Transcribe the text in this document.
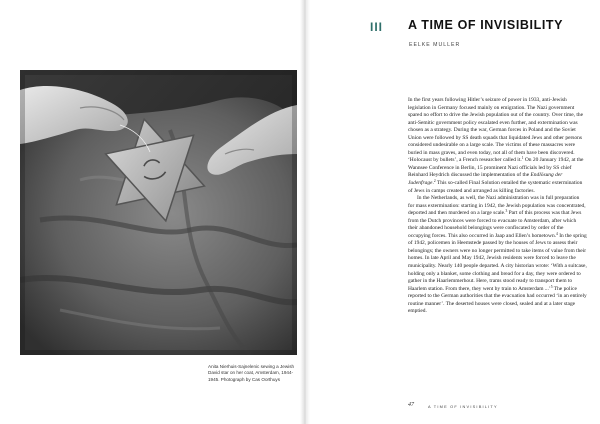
Anita Nierhuis-Sajnelenic sewing a Jewish David star on her coat, Amsterdam, 1944-1945. Photograph by Cas Oorthuys
III A TIME OF INVISIBILITY
EELKE MULLER

In the first years following Hitler’s seizure of power in 1933, anti-Jewish legislation in Germany focused mainly on emigration. The Nazi government spared no effort to drive the Jewish population out of the country. Over time, the anti-Semitic government policy escalated even further, and extermination was chosen as a strategy. During the war, German forces in Poland and the Soviet Union were followed by SS death squads that liquidated Jews and other persons considered undesirable on a large scale. The victims of these massacres were buried in mass graves, and even today, not all of them have been discovered. ‘Holocaust by bullets’, a French researcher called it.$^1$ On 20 January 1942, at the Wannsee Conference in Berlin, 15 prominent Nazi officials led by SS chief Reinhard Heydrich discussed the implementation of the Endlösung der Judenfrage.$^2$ This so-called Final Solution entailed the systematic extermination of Jews in camps created and arranged as killing factories.

In the Netherlands, as well, the Nazi administration was in full preparation for mass extermination: starting in 1942, the Jewish population was concentrated, deported and then murdered on a large scale.$^3$ Part of this process was that Jews from the Dutch provinces were forced to evacuate to Amsterdam, after which their abandoned household belongings were confiscated by order of the occupying forces. This also occurred in Jaap and Ellen’s hometown.$^4$ In the spring of 1942, policemen in Heemstede passed by the houses of Jews to assess their belongings; the owners were no longer permitted to take items of value from their homes. In late April and May 1942, Jewish residents were forced to leave the municipality. Nearly 140 people departed. A city historian wrote: ‘With a suitcase, holding only a blanket, some clothing and bread for a day, they were ordered to gather in the Haarlemmerhout. Here, trams stood ready to transport them to Haarlem station. From there, they went by train to Amsterdam ...’$^5$ The police reported to the German authorities that the evacuation had occurred ‘in an entirely routine manner’. The deserted houses were closed, sealed and at a later stage emptied.

47	A TIME OF INVISIBILITY
